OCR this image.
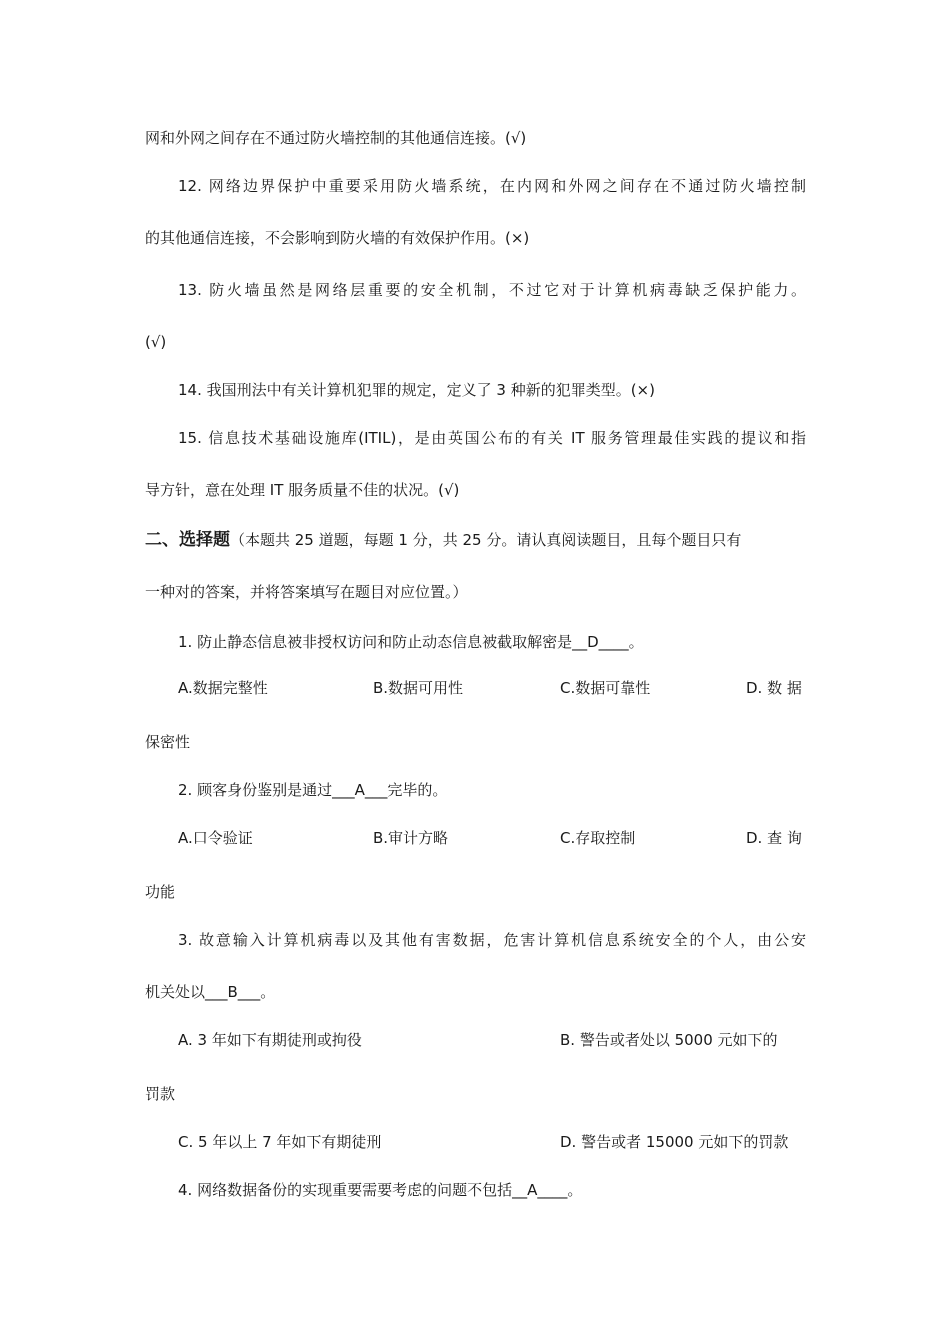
网和外网之间存在不通过防火墙控制的其他通信连接。(√)
12. 网络边界保护中重要采用防火墙系统，在内网和外网之间存在不通过防火墙控制
的其他通信连接，不会影响到防火墙的有效保护作用。(×)
13. 防火墙虽然是网络层重要的安全机制，不过它对于计算机病毒缺乏保护能力。
(√)
14. 我国刑法中有关计算机犯罪的规定，定义了 3 种新的犯罪类型。(×)
15. 信息技术基础设施库(ITIL)，是由英国公布的有关 IT 服务管理最佳实践的提议和指
导方针，意在处理 IT 服务质量不佳的状况。(√)
二、选择题（本题共 25 道题，每题 1 分，共 25 分。请认真阅读题目，且每个题目只有
一种对的答案，并将答案填写在题目对应位置。）
1. 防止静态信息被非授权访问和防止动态信息被截取解密是__D____。
A.数据完整性	B.数据可用性	C.数据可靠性	D. 数 据
保密性
2. 顾客身份鉴别是通过___A___完毕的。
A.口令验证	B.审计方略	C.存取控制	D. 查 询
功能
3. 故意输入计算机病毒以及其他有害数据，危害计算机信息系统安全的个人，由公安
机关处以___B___。
A. 3 年如下有期徒刑或拘役	B. 警告或者处以 5000 元如下的
罚款
C. 5 年以上 7 年如下有期徒刑	D. 警告或者 15000 元如下的罚款
4. 网络数据备份的实现重要需要考虑的问题不包括__A____。
